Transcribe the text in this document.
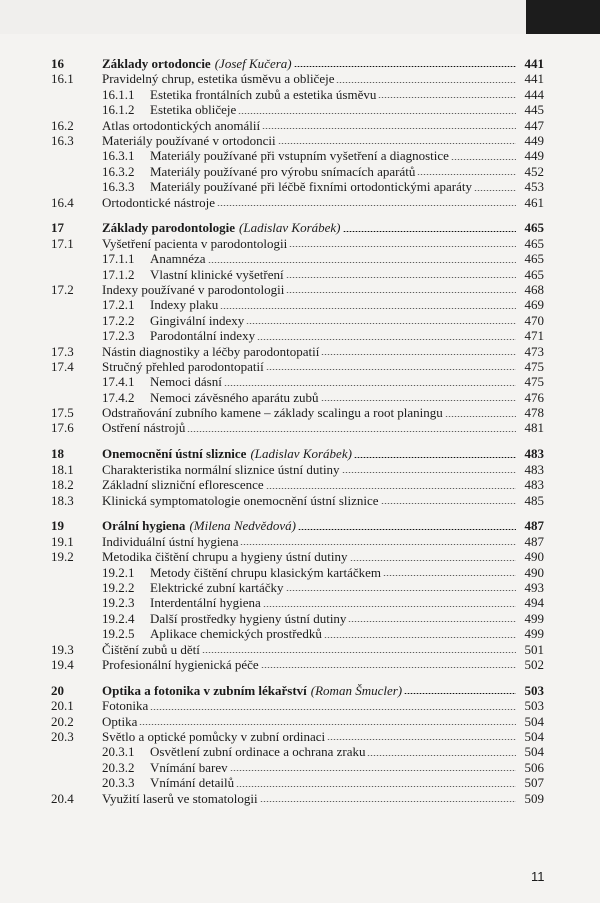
16	Základy ortodoncie (Josef Kučera)	441
16.1 Pravidelný chrup, estetika úsměvu a obličeje	441
16.1.1	Estetika frontálních zubů a estetika úsměvu	444
16.1.2	Estetika obličeje	445
16.2 Atlas ortodontických anomálií	447
16.3 Materiály používané v ortodoncii	449
16.3.1	Materiály používané při vstupním vyšetření a diagnostice	449
16.3.2	Materiály používané pro výrobu snímacích aparátů	452
16.3.3	Materiály používané při léčbě fixními ortodontickými aparáty	453
16.4 Ortodontické nástroje	461
17	Základy parodontologie (Ladislav Korábek)	465
17.1 Vyšetření pacienta v parodontologii	465
17.1.1	Anamnéza	465
17.1.2	Vlastní klinické vyšetření	465
17.2 Indexy používané v parodontologii	468
17.2.1	Indexy plaku	469
17.2.2	Gingivální indexy	470
17.2.3	Parodontální indexy	471
17.3 Nástin diagnostiky a léčby parodontopatií	473
17.4 Stručný přehled parodontopatií	475
17.4.1	Nemoci dásní	475
17.4.2	Nemoci závěsného aparátu zubů	476
17.5 Odstraňování zubního kamene – základy scalingu a root planingu	478
17.6 Ostření nástrojů	481
18	Onemocnění ústní sliznice (Ladislav Korábek)	483
18.1 Charakteristika normální sliznice ústní dutiny	483
18.2 Základní slizniční eflorescence	483
18.3 Klinická symptomatologie onemocnění ústní sliznice	485
19	Orální hygiena (Milena Nedvědová)	487
19.1 Individuální ústní hygiena	487
19.2 Metodika čištění chrupu a hygieny ústní dutiny	490
19.2.1	Metody čištění chrupu klasickým kartáčkem	490
19.2.2	Elektrické zubní kartáčky	493
19.2.3	Interdentální hygiena	494
19.2.4	Další prostředky hygieny ústní dutiny	499
19.2.5	Aplikace chemických prostředků	499
19.3 Čištění zubů u dětí	501
19.4 Profesionální hygienická péče	502
20	Optika a fotonika v zubním lékařství (Roman Šmucler)	503
20.1 Fotonika	503
20.2 Optika	504
20.3 Světlo a optické pomůcky v zubní ordinaci	504
20.3.1	Osvětlení zubní ordinace a ochrana zraku	504
20.3.2	Vnímání barev	506
20.3.3	Vnímání detailů	507
20.4 Využití laserů ve stomatologii	509
11
